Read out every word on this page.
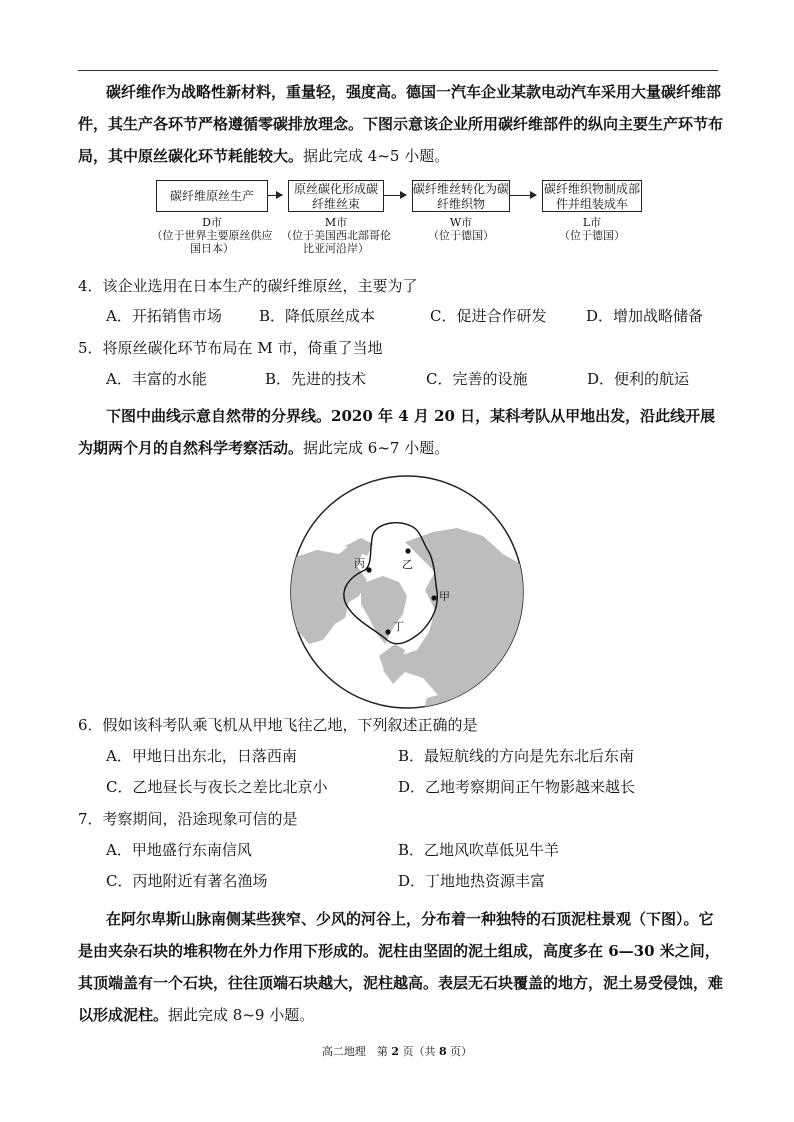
碳纤维作为战略性新材料，重量轻，强度高。德国一汽车企业某款电动汽车采用大量碳纤维部件，其生产各环节严格遵循零碳排放理念。下图示意该企业所用碳纤维部件的纵向主要生产环节布局，其中原丝碳化环节耗能较大。据此完成 4~5 小题。

碳纤维原丝生产	原丝碳化形成碳纤维丝束
碳纤维丝转化为碳纤维织物
碳纤维织物制成部件并组装成车
D市
（位于世界主要原丝供应国日本）
M市
（位于美国西北部哥伦比亚河沿岸）
W市
（位于德国）
L市
（位于德国）

4．该企业选用在日本生产的碳纤维原丝，主要为了

A．开拓销售市场 B．降低原丝成本	C．促进合作研发	D．增加战略储备

5．将原丝碳化环节布局在 M 市，倚重了当地

A．丰富的水能	B．先进的技术	C．完善的设施	D．便利的航运

下图中曲线示意自然带的分界线。2020 年 4 月 20 日，某科考队从甲地出发，沿此线开展为期两个月的自然科学考察活动。据此完成 6~7 小题。

丙	乙
甲
丁

6．假如该科考队乘飞机从甲地飞往乙地，下列叙述正确的是

A．甲地日出东北，日落西南	B．最短航线的方向是先东北后东南
C．乙地昼长与夜长之差比北京小	D．乙地考察期间正午物影越来越长

7．考察期间，沿途现象可信的是

A．甲地盛行东南信风	B．乙地风吹草低见牛羊
C．丙地附近有著名渔场	D．丁地地热资源丰富

在阿尔卑斯山脉南侧某些狭窄、少风的河谷上，分布着一种独特的石顶泥柱景观（下图）。它是由夹杂石块的堆积物在外力作用下形成的。泥柱由坚固的泥土组成，高度多在 6—30 米之间，其顶端盖有一个石块，往往顶端石块越大，泥柱越高。表层无石块覆盖的地方，泥土易受侵蚀，难以形成泥柱。据此完成 8~9 小题。

高二地理　第 2 页（共 8 页）
